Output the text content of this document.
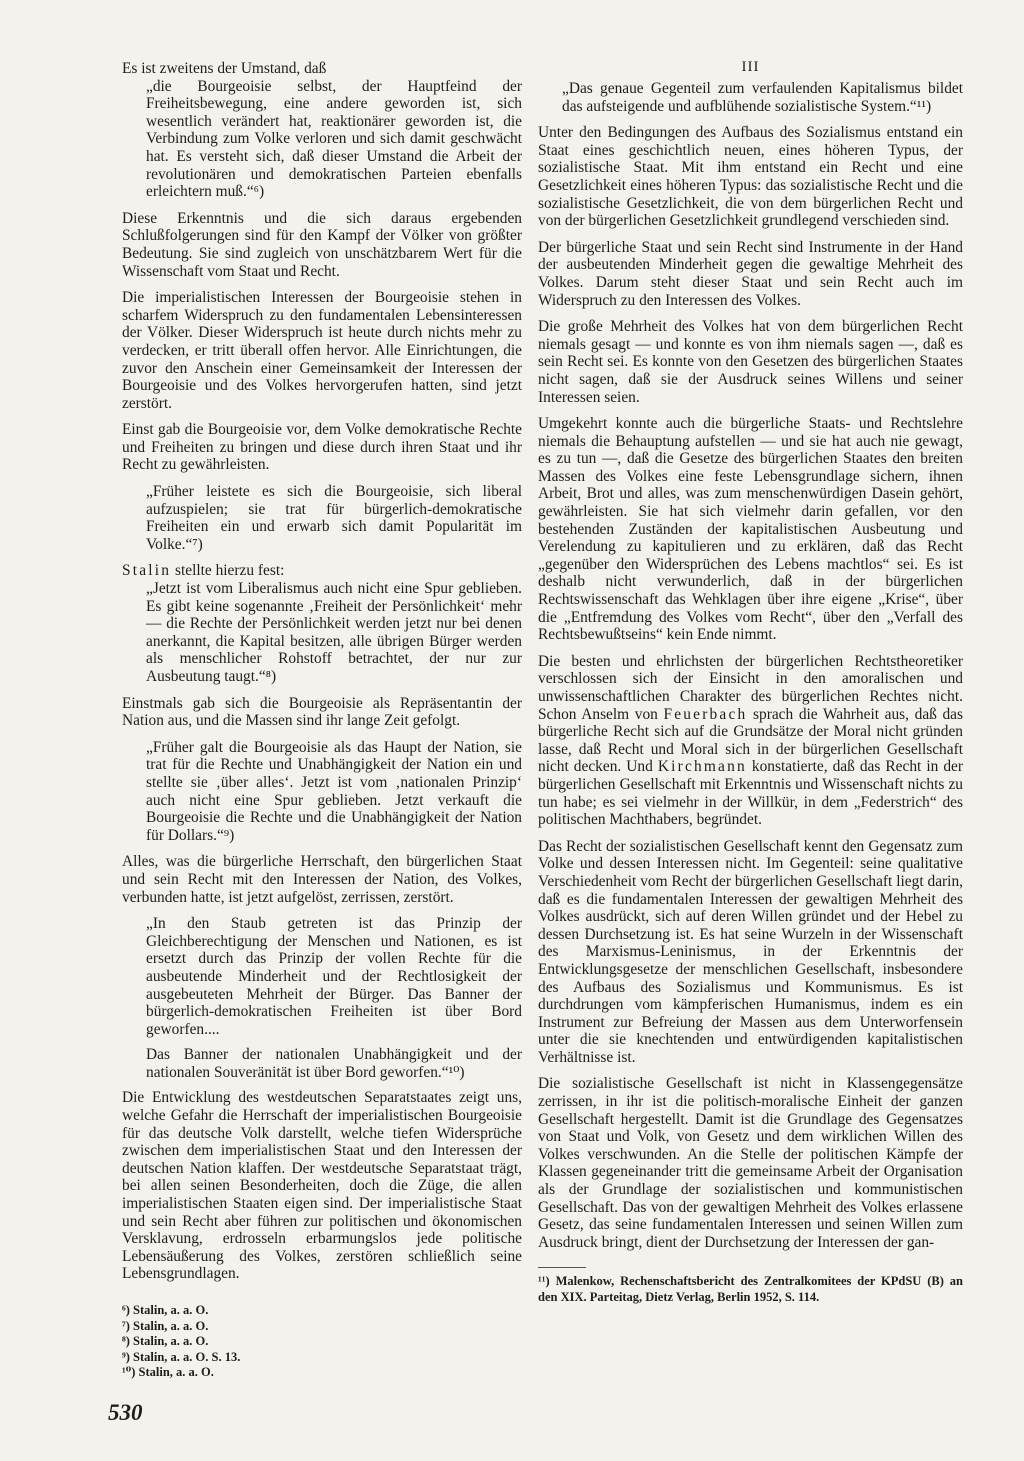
Es ist zweitens der Umstand, daß

„die Bourgeoisie selbst, der Hauptfeind der Freiheitsbewegung, eine andere geworden ist, sich wesentlich verändert hat, reaktionärer geworden ist, die Verbindung zum Volke verloren und sich damit geschwächt hat. Es versteht sich, daß dieser Umstand die Arbeit der revolutionären und demokratischen Parteien ebenfalls erleichtern muß.“⁶)

Diese Erkenntnis und die sich daraus ergebenden Schlußfolgerungen sind für den Kampf der Völker von größter Bedeutung. Sie sind zugleich von unschätzbarem Wert für die Wissenschaft vom Staat und Recht.

Die imperialistischen Interessen der Bourgeoisie stehen in scharfem Widerspruch zu den fundamentalen Lebensinteressen der Völker. Dieser Widerspruch ist heute durch nichts mehr zu verdecken, er tritt überall offen hervor. Alle Einrichtungen, die zuvor den Anschein einer Gemeinsamkeit der Interessen der Bourgeoisie und des Volkes hervorgerufen hatten, sind jetzt zerstört.

Einst gab die Bourgeoisie vor, dem Volke demokratische Rechte und Freiheiten zu bringen und diese durch ihren Staat und ihr Recht zu gewährleisten.

„Früher leistete es sich die Bourgeoisie, sich liberal aufzuspielen; sie trat für bürgerlich-demokratische Freiheiten ein und erwarb sich damit Popularität im Volke.“⁷)

Stalin stellte hierzu fest:

„Jetzt ist vom Liberalismus auch nicht eine Spur geblieben. Es gibt keine sogenannte ‚Freiheit der Persönlichkeit‘ mehr — die Rechte der Persönlichkeit werden jetzt nur bei denen anerkannt, die Kapital besitzen, alle übrigen Bürger werden als menschlicher Rohstoff betrachtet, der nur zur Ausbeutung taugt.“⁸)

Einstmals gab sich die Bourgeoisie als Repräsentantin der Nation aus, und die Massen sind ihr lange Zeit gefolgt.

„Früher galt die Bourgeoisie als das Haupt der Nation, sie trat für die Rechte und Unabhängigkeit der Nation ein und stellte sie ‚über alles‘. Jetzt ist vom ‚nationalen Prinzip‘ auch nicht eine Spur geblieben. Jetzt verkauft die Bourgeoisie die Rechte und die Unabhängigkeit der Nation für Dollars.“⁹)

Alles, was die bürgerliche Herrschaft, den bürgerlichen Staat und sein Recht mit den Interessen der Nation, des Volkes, verbunden hatte, ist jetzt aufgelöst, zerrissen, zerstört.

„In den Staub getreten ist das Prinzip der Gleichberechtigung der Menschen und Nationen, es ist ersetzt durch das Prinzip der vollen Rechte für die ausbeutende Minderheit und der Rechtlosigkeit der ausgebeuteten Mehrheit der Bürger. Das Banner der bürgerlich-demokratischen Freiheiten ist über Bord geworfen....

Das Banner der nationalen Unabhängigkeit und der nationalen Souveränität ist über Bord geworfen.“¹⁰)

Die Entwicklung des westdeutschen Separatstaates zeigt uns, welche Gefahr die Herrschaft der imperialistischen Bourgeoisie für das deutsche Volk darstellt, welche tiefen Widersprüche zwischen dem imperialistischen Staat und den Interessen der deutschen Nation klaffen. Der westdeutsche Separatstaat trägt, bei allen seinen Besonderheiten, doch die Züge, die allen imperialistischen Staaten eigen sind. Der imperialistische Staat und sein Recht aber führen zur politischen und ökonomischen Versklavung, erdrosseln erbarmungslos jede politische Lebensäußerung des Volkes, zerstören schließlich seine Lebensgrundlagen.

⁶) Stalin, a. a. O.
⁷) Stalin, a. a. O.
⁸) Stalin, a. a. O.
⁹) Stalin, a. a. O. S. 13.
¹⁰) Stalin, a. a. O.
III

„Das genaue Gegenteil zum verfaulenden Kapitalismus bildet das aufsteigende und aufblühende sozialistische System.“¹¹)

Unter den Bedingungen des Aufbaus des Sozialismus entstand ein Staat eines geschichtlich neuen, eines höheren Typus, der sozialistische Staat. Mit ihm entstand ein Recht und eine Gesetzlichkeit eines höheren Typus: das sozialistische Recht und die sozialistische Gesetzlichkeit, die von dem bürgerlichen Recht und von der bürgerlichen Gesetzlichkeit grundlegend verschieden sind.

Der bürgerliche Staat und sein Recht sind Instrumente in der Hand der ausbeutenden Minderheit gegen die gewaltige Mehrheit des Volkes. Darum steht dieser Staat und sein Recht auch im Widerspruch zu den Interessen des Volkes.

Die große Mehrheit des Volkes hat von dem bürgerlichen Recht niemals gesagt — und konnte es von ihm niemals sagen —, daß es sein Recht sei. Es konnte von den Gesetzen des bürgerlichen Staates nicht sagen, daß sie der Ausdruck seines Willens und seiner Interessen seien.

Umgekehrt konnte auch die bürgerliche Staats- und Rechtslehre niemals die Behauptung aufstellen — und sie hat auch nie gewagt, es zu tun —, daß die Gesetze des bürgerlichen Staates den breiten Massen des Volkes eine feste Lebensgrundlage sichern, ihnen Arbeit, Brot und alles, was zum menschenwürdigen Dasein gehört, gewährleisten. Sie hat sich vielmehr darin gefallen, vor den bestehenden Zuständen der kapitalistischen Ausbeutung und Verelendung zu kapitulieren und zu erklären, daß das Recht „gegenüber den Widersprüchen des Lebens machtlos“ sei. Es ist deshalb nicht verwunderlich, daß in der bürgerlichen Rechtswissenschaft das Wehklagen über ihre eigene „Krise“, über die „Entfremdung des Volkes vom Recht“, über den „Verfall des Rechtsbewußtseins“ kein Ende nimmt.

Die besten und ehrlichsten der bürgerlichen Rechtstheoretiker verschlossen sich der Einsicht in den amoralischen und unwissenschaftlichen Charakter des bürgerlichen Rechtes nicht. Schon Anselm von Feuerbach sprach die Wahrheit aus, daß das bürgerliche Recht sich auf die Grundsätze der Moral nicht gründen lasse, daß Recht und Moral sich in der bürgerlichen Gesellschaft nicht decken. Und Kirchmann konstatierte, daß das Recht in der bürgerlichen Gesellschaft mit Erkenntnis und Wissenschaft nichts zu tun habe; es sei vielmehr in der Willkür, in dem „Federstrich“ des politischen Machthabers, begründet.

Das Recht der sozialistischen Gesellschaft kennt den Gegensatz zum Volke und dessen Interessen nicht. Im Gegenteil: seine qualitative Verschiedenheit vom Recht der bürgerlichen Gesellschaft liegt darin, daß es die fundamentalen Interessen der gewaltigen Mehrheit des Volkes ausdrückt, sich auf deren Willen gründet und der Hebel zu dessen Durchsetzung ist. Es hat seine Wurzeln in der Wissenschaft des Marxismus-Leninismus, in der Erkenntnis der Entwicklungsgesetze der menschlichen Gesellschaft, insbesondere des Aufbaus des Sozialismus und Kommunismus. Es ist durchdrungen vom kämpferischen Humanismus, indem es ein Instrument zur Befreiung der Massen aus dem Unterworfensein unter die sie knechtenden und entwürdigenden kapitalistischen Verhältnisse ist.

Die sozialistische Gesellschaft ist nicht in Klassengegensätze zerrissen, in ihr ist die politisch-moralische Einheit der ganzen Gesellschaft hergestellt. Damit ist die Grundlage des Gegensatzes von Staat und Volk, von Gesetz und dem wirklichen Willen des Volkes verschwunden. An die Stelle der politischen Kämpfe der Klassen gegeneinander tritt die gemeinsame Arbeit der Organisation als der Grundlage der sozialistischen und kommunistischen Gesellschaft. Das von der gewaltigen Mehrheit des Volkes erlassene Gesetz, das seine fundamentalen Interessen und seinen Willen zum Ausdruck bringt, dient der Durchsetzung der Interessen der gan-

¹¹) Malenkow, Rechenschaftsbericht des Zentralkomitees der KPdSU (B) an den XIX. Parteitag, Dietz Verlag, Berlin 1952, S. 114.
530
